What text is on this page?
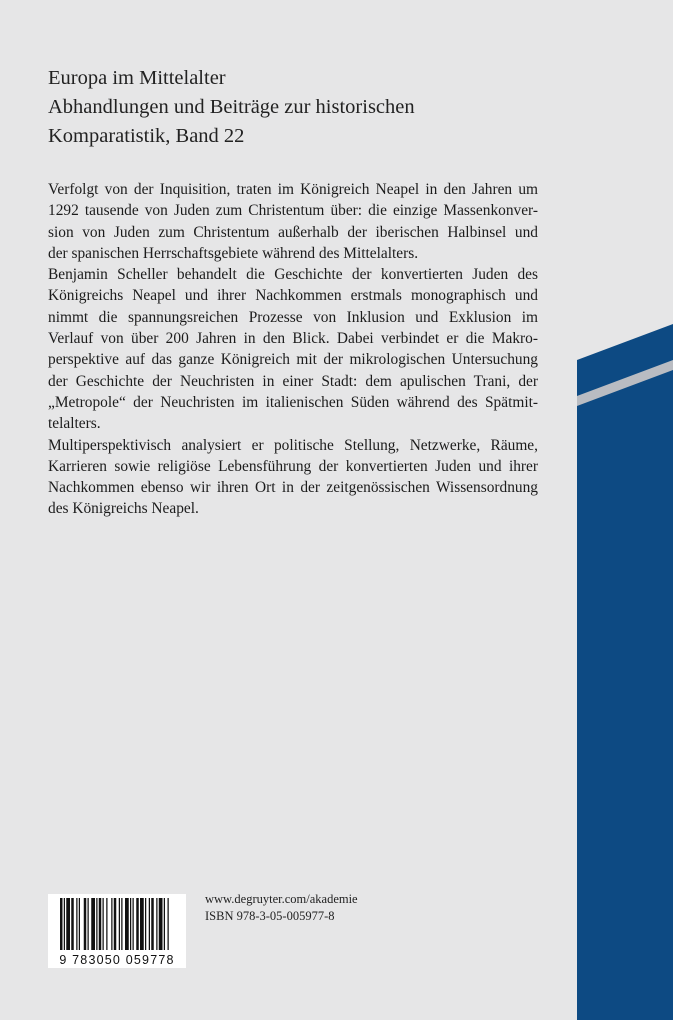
Europa im Mittelalter
Abhandlungen und Beiträge zur historischen
Komparatistik, Band 22
Verfolgt von der Inquisition, traten im Königreich Neapel in den Jahren um
1292 tausende von Juden zum Christentum über: die einzige Massenkonver-
sion von Juden zum Christentum außerhalb der iberischen Halbinsel und
der spanischen Herrschaftsgebiete während des Mittelalters.
Benjamin Scheller behandelt die Geschichte der konvertierten Juden des
Königreichs Neapel und ihrer Nachkommen erstmals monographisch und
nimmt die spannungsreichen Prozesse von Inklusion und Exklusion im
Verlauf von über 200 Jahren in den Blick. Dabei verbindet er die Makro-
perspektive auf das ganze Königreich mit der mikrologischen Untersuchung
der Geschichte der Neuchristen in einer Stadt: dem apulischen Trani, der
„Metropole“ der Neuchristen im italienischen Süden während des Spätmit-
telalters.
Multiperspektivisch analysiert er politische Stellung, Netzwerke, Räume,
Karrieren sowie religiöse Lebensführung der konvertierten Juden und ihrer
Nachkommen ebenso wir ihren Ort in der zeitgenössischen Wissensordnung
des Königreichs Neapel.
9 783050 059778
www.degruyter.com/akademie
ISBN 978-3-05-005977-8
